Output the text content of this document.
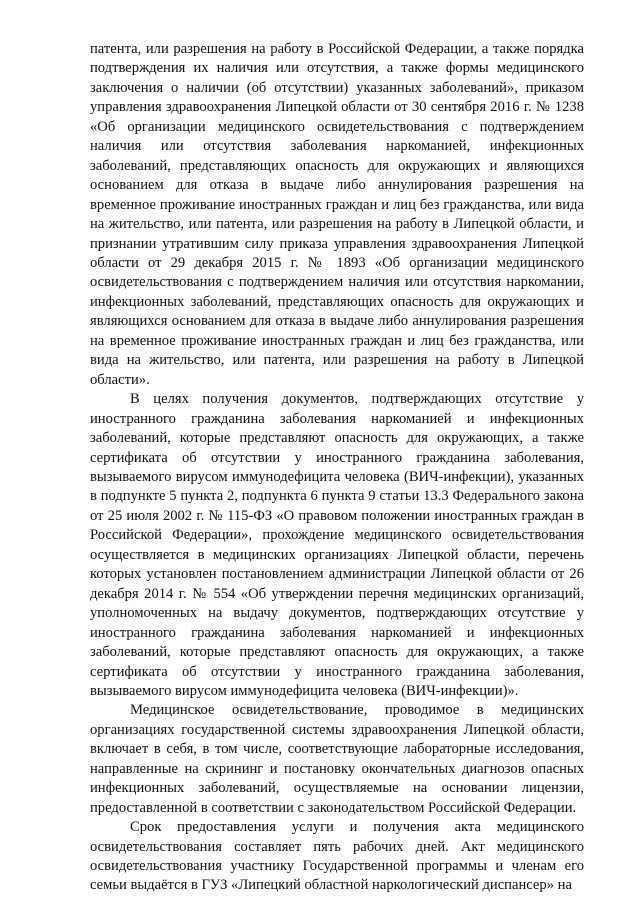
патента, или разрешения на работу в Российской Федерации, а также порядка подтверждения их наличия или отсутствия, а также формы медицинского заключения о наличии (об отсутствии) указанных заболеваний», приказом управления здравоохранения Липецкой области от 30 сентября 2016 г. № 1238 «Об организации медицинского освидетельствования с подтверждением наличия или отсутствия заболевания наркоманией, инфекционных заболеваний, представляющих опасность для окружающих и являющихся основанием для отказа в выдаче либо аннулирования разрешения на временное проживание иностранных граждан и лиц без гражданства, или вида на жительство, или патента, или разрешения на работу в Липецкой области, и признании утратившим силу приказа управления здравоохранения Липецкой области от 29 декабря 2015 г. № 1893 «Об организации медицинского освидетельствования с подтверждением наличия или отсутствия наркомании, инфекционных заболеваний, представляющих опасность для окружающих и являющихся основанием для отказа в выдаче либо аннулирования разрешения на временное проживание иностранных граждан и лиц без гражданства, или вида на жительство, или патента, или разрешения на работу в Липецкой области».

В целях получения документов, подтверждающих отсутствие у иностранного гражданина заболевания наркоманией и инфекционных заболеваний, которые представляют опасность для окружающих, а также сертификата об отсутствии у иностранного гражданина заболевания, вызываемого вирусом иммунодефицита человека (ВИЧ-инфекции), указанных в подпункте 5 пункта 2, подпункта 6 пункта 9 статьи 13.3 Федерального закона от 25 июля 2002 г. № 115-ФЗ «О правовом положении иностранных граждан в Российской Федерации», прохождение медицинского освидетельствования осуществляется в медицинских организациях Липецкой области, перечень которых установлен постановлением администрации Липецкой области от 26 декабря 2014 г. № 554 «Об утверждении перечня медицинских организаций, уполномоченных на выдачу документов, подтверждающих отсутствие у иностранного гражданина заболевания наркоманией и инфекционных заболеваний, которые представляют опасность для окружающих, а также сертификата об отсутствии у иностранного гражданина заболевания, вызываемого вирусом иммунодефицита человека (ВИЧ-инфекции)».

Медицинское освидетельствование, проводимое в медицинских организациях государственной системы здравоохранения Липецкой области, включает в себя, в том числе, соответствующие лабораторные исследования, направленные на скрининг и постановку окончательных диагнозов опасных инфекционных заболеваний, осуществляемые на основании лицензии, предоставленной в соответствии с законодательством Российской Федерации.

Срок предоставления услуги и получения акта медицинского освидетельствования составляет пять рабочих дней. Акт медицинского освидетельствования участнику Государственной программы и членам его семьи выдаётся в ГУЗ «Липецкий областной наркологический диспансер» на
